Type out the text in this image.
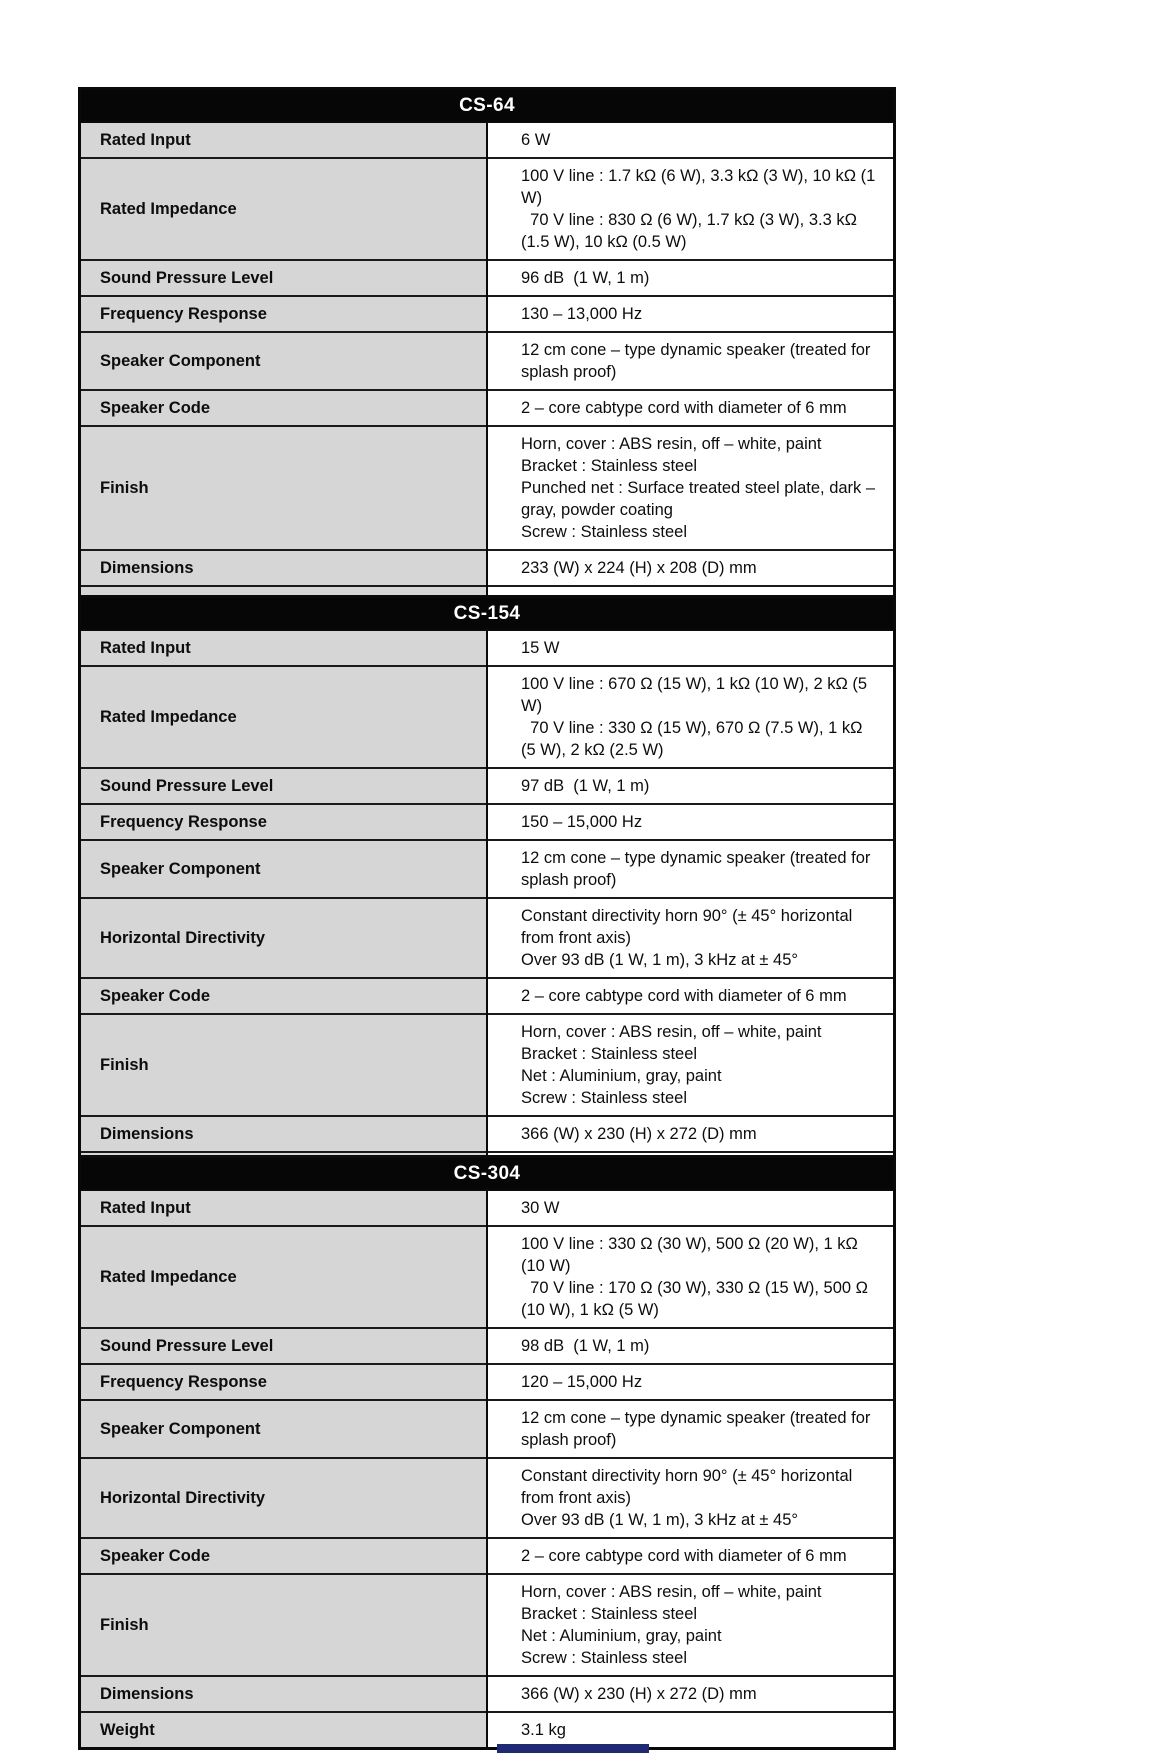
CS-64	
Rated Input	6 W

Rated Impedance	100 V line : 1.7 kΩ (6 W), 3.3 kΩ (3 W), 10 kΩ (1 W)
70 V line : 830 Ω (6 W), 1.7 kΩ (3 W), 3.3 kΩ (1.5 W), 10 kΩ (0.5 W)

Sound Pressure Level	96 dB  (1 W, 1 m)

Frequency Response	130 – 13,000 Hz

Speaker Component	12 cm cone – type dynamic speaker (treated for splash proof)

Speaker Code	2 – core cabtype cord with diameter of 6 mm

Finish	Horn, cover : ABS resin, off – white, paint
Bracket : Stainless steel
Punched net : Surface treated steel plate, dark – gray, powder coating
Screw : Stainless steel

Dimensions	233 (W) x 224 (H) x 208 (D) mm

CS-154	
Rated Input	15 W

Rated Impedance	100 V line : 670 Ω (15 W), 1 kΩ (10 W), 2 kΩ (5 W)
70 V line : 330 Ω (15 W), 670 Ω (7.5 W), 1 kΩ (5 W), 2 kΩ (2.5 W)

Sound Pressure Level	97 dB  (1 W, 1 m)

Frequency Response	150 – 15,000 Hz

Speaker Component	12 cm cone – type dynamic speaker (treated for splash proof)

Horizontal Directivity	Constant directivity horn 90° (± 45° horizontal from front axis)
Over 93 dB (1 W, 1 m), 3 kHz at ± 45°

Speaker Code	2 – core cabtype cord with diameter of 6 mm

Finish	Horn, cover : ABS resin, off – white, paint
Bracket : Stainless steel
Net : Aluminium, gray, paint
Screw : Stainless steel

Dimensions	366 (W) x 230 (H) x 272 (D) mm

CS-304	
Rated Input	30 W

Rated Impedance	100 V line : 330 Ω (30 W), 500 Ω (20 W), 1 kΩ (10 W)
70 V line : 170 Ω (30 W), 330 Ω (15 W), 500 Ω (10 W), 1 kΩ (5 W)

Sound Pressure Level	98 dB  (1 W, 1 m)

Frequency Response	120 – 15,000 Hz

Speaker Component	12 cm cone – type dynamic speaker (treated for splash proof)

Horizontal Directivity	Constant directivity horn 90° (± 45° horizontal from front axis)
Over 93 dB (1 W, 1 m), 3 kHz at ± 45°

Speaker Code	2 – core cabtype cord with diameter of 6 mm

Finish	Horn, cover : ABS resin, off – white, paint
Bracket : Stainless steel
Net : Aluminium, gray, paint
Screw : Stainless steel

Dimensions	366 (W) x 230 (H) x 272 (D) mm

Weight	3.1 kg
